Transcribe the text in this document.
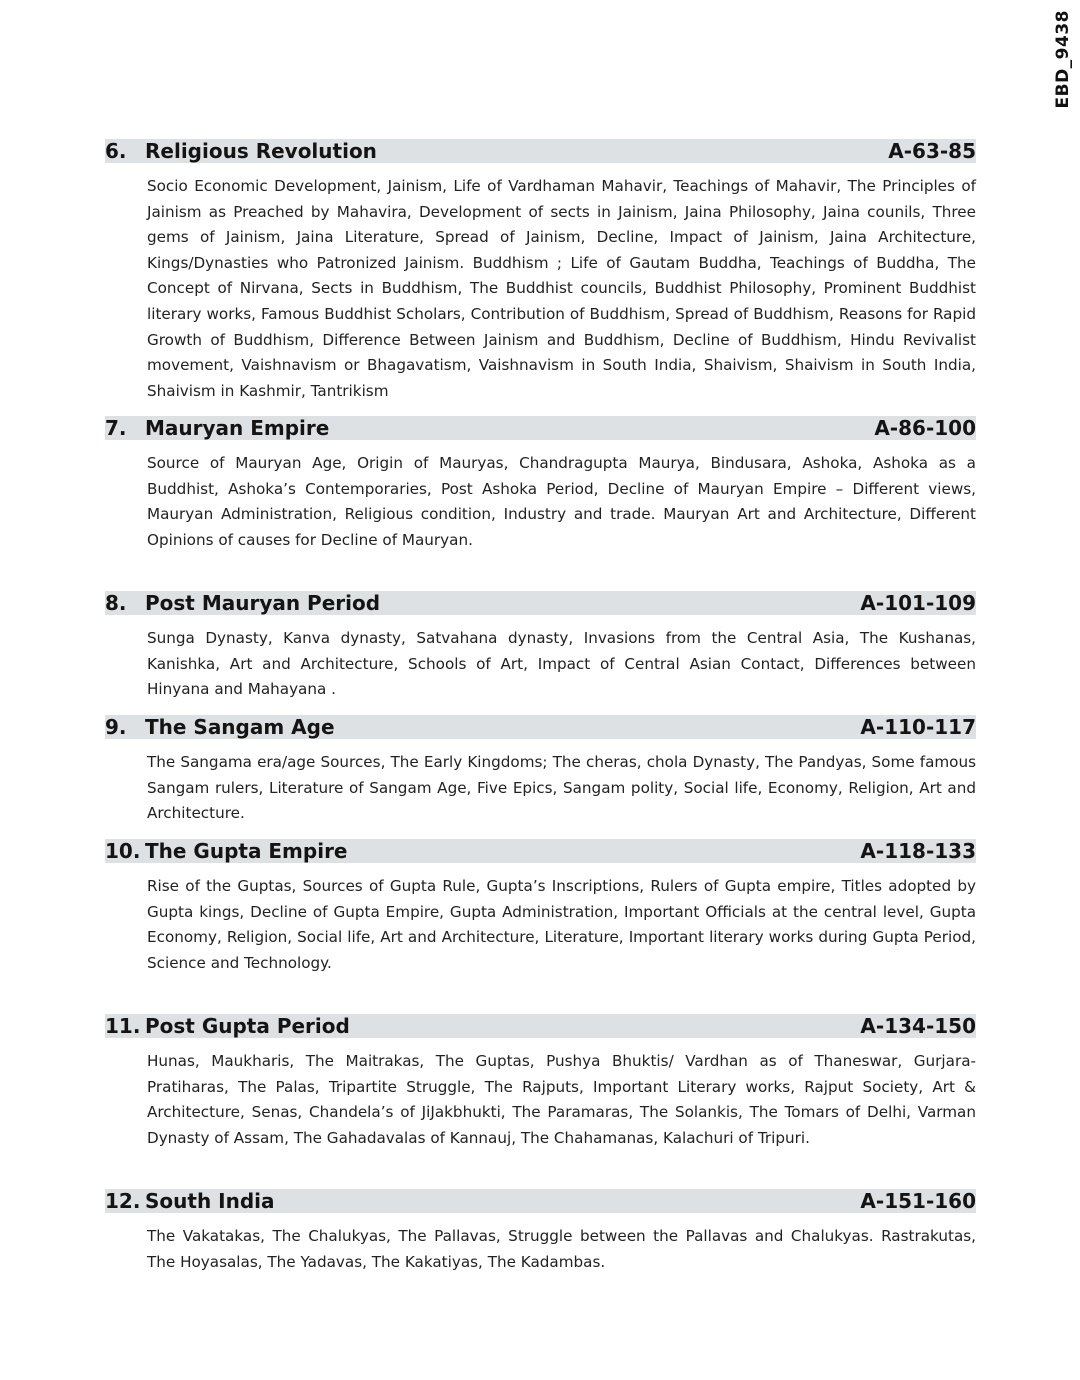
EBD_9438
6. Religious Revolution	A-63-85
Socio Economic Development, Jainism, Life of Vardhaman Mahavir, Teachings of Mahavir, The Principles of Jainism as Preached by Mahavira, Development of sects in Jainism, Jaina Philosophy, Jaina counils, Three gems of Jainism, Jaina Literature, Spread of Jainism, Decline, Impact of Jainism, Jaina Architecture, Kings/Dynasties who Patronized Jainism. Buddhism ; Life of Gautam Buddha, Teachings of Buddha, The Concept of Nirvana, Sects in Buddhism, The Buddhist councils, Buddhist Philosophy, Prominent Buddhist literary works, Famous Buddhist Scholars, Contribution of Buddhism, Spread of Buddhism, Reasons for Rapid Growth of Buddhism, Difference Between Jainism and Buddhism, Decline of Buddhism, Hindu Revivalist movement, Vaishnavism or Bhagavatism, Vaishnavism in South India, Shaivism, Shaivism in South India, Shaivism in Kashmir, Tantrikism
7. Mauryan Empire	A-86-100
Source of Mauryan Age, Origin of Mauryas, Chandragupta Maurya, Bindusara, Ashoka, Ashoka as a Buddhist, Ashoka’s Contemporaries, Post Ashoka Period, Decline of Mauryan Empire – Different views, Mauryan Administration, Religious condition, Industry and trade. Mauryan Art and Architecture, Different Opinions of causes for Decline of Mauryan.
8. Post Mauryan Period	A-101-109
Sunga Dynasty, Kanva dynasty, Satvahana dynasty, Invasions from the Central Asia, The Kushanas, Kanishka, Art and Architecture, Schools of Art, Impact of Central Asian Contact, Differences between Hinyana and Mahayana .
9. The Sangam Age	A-110-117
The Sangama era/age Sources, The Early Kingdoms; The cheras, chola Dynasty, The Pandyas, Some famous Sangam rulers, Literature of Sangam Age, Five Epics, Sangam polity, Social life, Economy, Religion, Art and Architecture.
10. The Gupta Empire	A-118-133
Rise of the Guptas, Sources of Gupta Rule, Gupta’s Inscriptions, Rulers of Gupta empire, Titles adopted by Gupta kings, Decline of Gupta Empire, Gupta Administration, Important Officials at the central level, Gupta Economy, Religion, Social life, Art and Architecture, Literature, Important literary works during Gupta Period, Science and Technology.
11. Post Gupta Period	A-134-150
Hunas, Maukharis, The Maitrakas, The Guptas, Pushya Bhuktis/ Vardhan as of Thaneswar, Gurjara- Pratiharas, The Palas, Tripartite Struggle, The Rajputs, Important Literary works, Rajput Society, Art & Architecture, Senas, Chandela’s of JiJakbhukti, The Paramaras, The Solankis, The Tomars of Delhi, Varman Dynasty of Assam, The Gahadavalas of Kannauj, The Chahamanas, Kalachuri of Tripuri.
12. South India	A-151-160
The Vakatakas, The Chalukyas, The Pallavas, Struggle between the Pallavas and Chalukyas. Rastrakutas, The Hoyasalas, The Yadavas, The Kakatiyas, The Kadambas.
